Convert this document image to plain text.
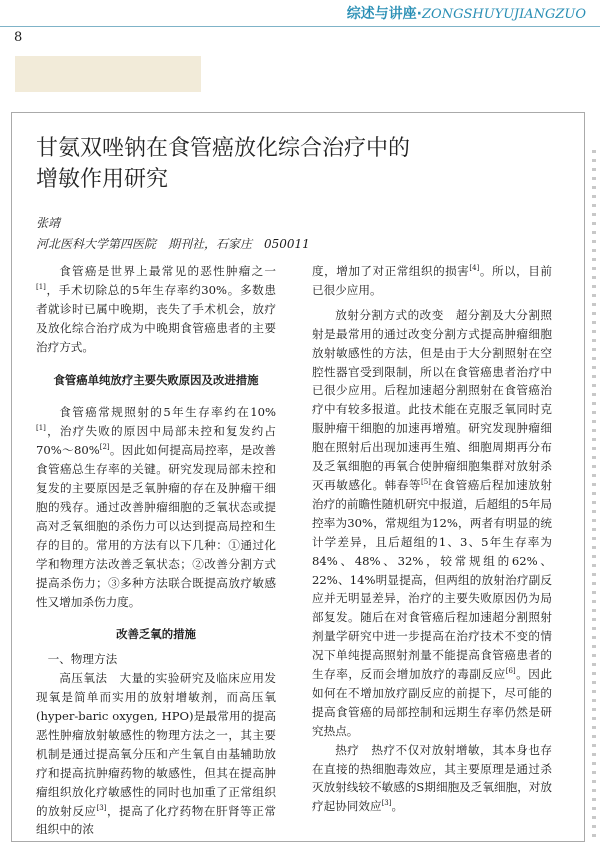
综述与讲座·ZONGSHUYUJIANGZUO
8
甘氨双唑钠在食管癌放化综合治疗中的
增敏作用研究
张靖
河北医科大学第四医院　期刊社，石家庄　050011

食管癌是世界上最常见的恶性肿瘤之一[1]，手术切除总的5年生存率约30%。多数患者就诊时已属中晚期，丧失了手术机会，放疗及放化综合治疗成为中晚期食管癌患者的主要治疗方式。

食管癌单纯放疗主要失败原因及改进措施

食管癌常规照射的5年生存率约在10%[1]，治疗失败的原因中局部未控和复发约占70%～80%[2]。因此如何提高局控率，是改善食管癌总生存率的关键。研究发现局部未控和复发的主要原因是乏氧肿瘤的存在及肿瘤干细胞的残存。通过改善肿瘤细胞的乏氧状态或提高对乏氧细胞的杀伤力可以达到提高局控和生存的目的。常用的方法有以下几种：①通过化学和物理方法改善乏氧状态；②改善分割方式提高杀伤力；③多种方法联合既提高放疗敏感性又增加杀伤力度。

改善乏氧的措施

一、物理方法

高压氧法　大量的实验研究及临床应用发现氧是简单而实用的放射增敏剂，而高压氧(hyper-baric oxygen, HPO)是最常用的提高恶性肿瘤放射敏感性的物理方法之一，其主要机制是通过提高氧分压和产生氧自由基辅助放疗和提高抗肿瘤药物的敏感性，但其在提高肿瘤组织放化疗敏感性的同时也加重了正常组织的放射反应[3]，提高了化疗药物在肝肾等正常组织中的浓

度，增加了对正常组织的损害[4]。所以，目前已很少应用。

放射分割方式的改变　超分割及大分割照射是最常用的通过改变分割方式提高肿瘤细胞放射敏感性的方法，但是由于大分割照射在空腔性器官受到限制，所以在食管癌患者治疗中已很少应用。后程加速超分割照射在食管癌治疗中有较多报道。此技术能在克服乏氧同时克服肿瘤干细胞的加速再增殖。研究发现肿瘤细胞在照射后出现加速再生殖、细胞周期再分布及乏氧细胞的再氧合使肿瘤细胞集群对放射杀灭再敏感化。韩春等[5]在食管癌后程加速放射治疗的前瞻性随机研究中报道，后超组的5年局控率为30%，常规组为12%，两者有明显的统计学差异，且后超组的1、3、5年生存率为84%、48%、32%，较常规组的62%、22%、14%明显提高，但两组的放射治疗副反应并无明显差异，治疗的主要失败原因仍为局部复发。随后在对食管癌后程加速超分割照射剂量学研究中进一步提高在治疗技术不变的情况下单纯提高照射剂量不能提高食管癌患者的生存率，反而会增加放疗的毒副反应[6]。因此如何在不增加放疗副反应的前提下，尽可能的提高食管癌的局部控制和远期生存率仍然是研究热点。

热疗　热疗不仅对放射增敏，其本身也存在直接的热细胞毒效应，其主要原理是通过杀灭放射线较不敏感的S期细胞及乏氧细胞，对放疗起协同效应[3]。
